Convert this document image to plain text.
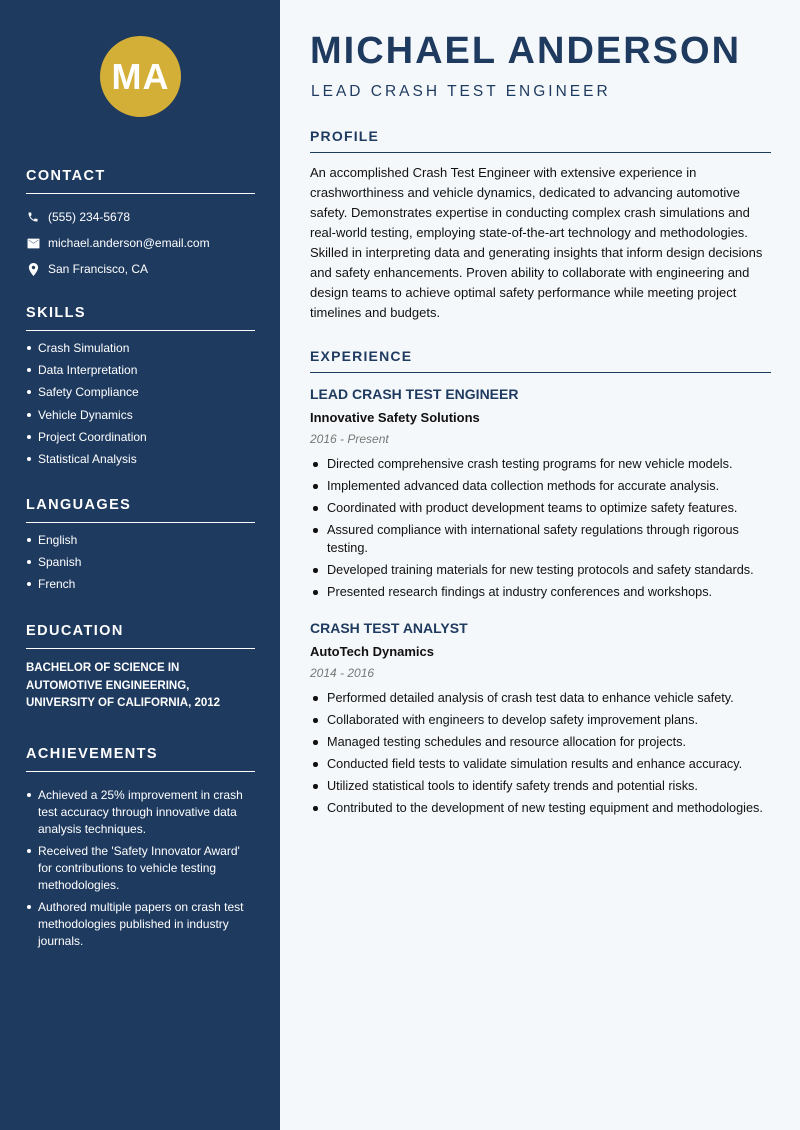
MA
CONTACT
(555) 234-5678
michael.anderson@email.com
San Francisco, CA
SKILLS
Crash Simulation
Data Interpretation
Safety Compliance
Vehicle Dynamics
Project Coordination
Statistical Analysis
LANGUAGES
English
Spanish
French
EDUCATION
BACHELOR OF SCIENCE IN AUTOMOTIVE ENGINEERING, UNIVERSITY OF CALIFORNIA, 2012
ACHIEVEMENTS
Achieved a 25% improvement in crash test accuracy through innovative data analysis techniques.
Received the 'Safety Innovator Award' for contributions to vehicle testing methodologies.
Authored multiple papers on crash test methodologies published in industry journals.
MICHAEL ANDERSON
LEAD CRASH TEST ENGINEER
PROFILE
An accomplished Crash Test Engineer with extensive experience in crashworthiness and vehicle dynamics, dedicated to advancing automotive safety. Demonstrates expertise in conducting complex crash simulations and real-world testing, employing state-of-the-art technology and methodologies. Skilled in interpreting data and generating insights that inform design decisions and safety enhancements. Proven ability to collaborate with engineering and design teams to achieve optimal safety performance while meeting project timelines and budgets.
EXPERIENCE
LEAD CRASH TEST ENGINEER
Innovative Safety Solutions
2016 - Present
Directed comprehensive crash testing programs for new vehicle models.
Implemented advanced data collection methods for accurate analysis.
Coordinated with product development teams to optimize safety features.
Assured compliance with international safety regulations through rigorous testing.
Developed training materials for new testing protocols and safety standards.
Presented research findings at industry conferences and workshops.
CRASH TEST ANALYST
AutoTech Dynamics
2014 - 2016
Performed detailed analysis of crash test data to enhance vehicle safety.
Collaborated with engineers to develop safety improvement plans.
Managed testing schedules and resource allocation for projects.
Conducted field tests to validate simulation results and enhance accuracy.
Utilized statistical tools to identify safety trends and potential risks.
Contributed to the development of new testing equipment and methodologies.
